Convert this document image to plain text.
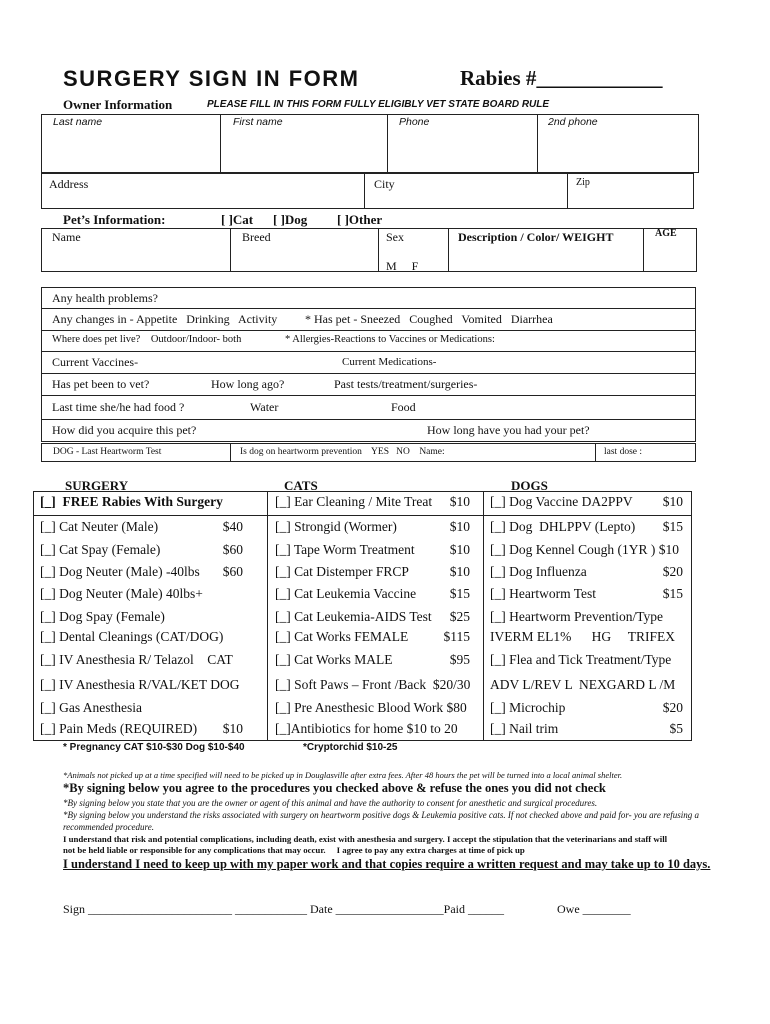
SURGERY SIGN IN FORM	Rabies #____________
Owner Information	PLEASE FILL IN THIS FORM FULLY ELIGIBLY VET STATE BOARD RULE
Last name	First name	Phone	2nd phone
Address	City	Zip
Pet’s Information:	[ ]Cat [ ]Dog [ ]Other
Name	Breed	Sex
M     F
Description / Color/ WEIGHT	AGE
Any health problems?
Any changes in - Appetite   Drinking   Activity * Has pet - Sneezed   Coughed   Vomited   Diarrhea
Where does pet live?    Outdoor/Indoor- both	* Allergies-Reactions to Vaccines or Medications:
Current Vaccines-	Current Medications-
Has pet been to vet?	How long ago?	Past tests/treatment/surgeries-
Last time she/he had food ?	Water	Food
How did you acquire this pet?	How long have you had your pet?
DOG - Last Heartworm Test	Is dog on heartworm prevention    YES   NO    Name:	last dose :
SURGERY	CATS	DOGS
[_]  FREE Rabies With Surgery
[_] Cat Neuter (Male)	$40
[_] Cat Spay (Female)	$60
[_] Dog Neuter (Male) -40lbs $60
[_] Dog Neuter (Male) 40lbs+
[_] Dog Spay (Female)
[_] Dental Cleanings (CAT/DOG)
[_] IV Anesthesia R/ Telazol    CAT
[_] IV Anesthesia R/VAL/KET DOG
[_] Gas Anesthesia
[_] Pain Meds (REQUIRED) $10
[_] Ear Cleaning / Mite Treat $10
[_] Strongid (Wormer)	$10
[_] Tape Worm Treatment	$10
[_] Cat Distemper FRCP	$10
[_] Cat Leukemia Vaccine $15
[_] Cat Leukemia-AIDS Test $25
[_] Cat Works FEMALE	$115
[_] Cat Works MALE	$95
[_] Soft Paws – Front /Back  $20/30
[_] Pre Anesthesic Blood Work $80
[_]Antibiotics for home $10 to 20
[_] Dog Vaccine DA2PPV $10
[_] Dog  DHLPPV (Lepto) $15
[_] Dog Kennel Cough (1YR ) $10
[_] Dog Influenza	$20
[_] Heartworm Test	$15
[_] Heartworm Prevention/Type
IVERM EL1%      HG     TRIFEX
[_] Flea and Tick Treatment/Type
ADV L/REV L  NEXGARD L /M
[_] Microchip	$20
[_] Nail trim	$5
* Pregnancy CAT $10-$30 Dog $10-$40	*Cryptorchid $10-25
*Animals not picked up at a time specified will need to be picked up in Douglasville after extra fees. After 48 hours the pet will be turned into a local animal shelter.
*By signing below you agree to the procedures you checked above & refuse the ones you did not check
*By signing below you state that you are the owner or agent of this animal and have the authority to consent for anesthetic and surgical procedures.
*By signing below you understand the risks associated with surgery on heartworm positive dogs & Leukemia positive cats. If not checked above and paid for- you are refusing a recommended procedure.
I understand that risk and potential complications, including death, exist with anesthesia and surgery. I accept the stipulation that the veterinarians and staff will
not be held liable or responsible for any complications that may occur.     I agree to pay any extra charges at time of pick up
I understand I need to keep up with my paper work and that copies require a written request and may take up to 10 days.
Sign ________________________ ____________ Date __________________Paid ______	Owe ________
